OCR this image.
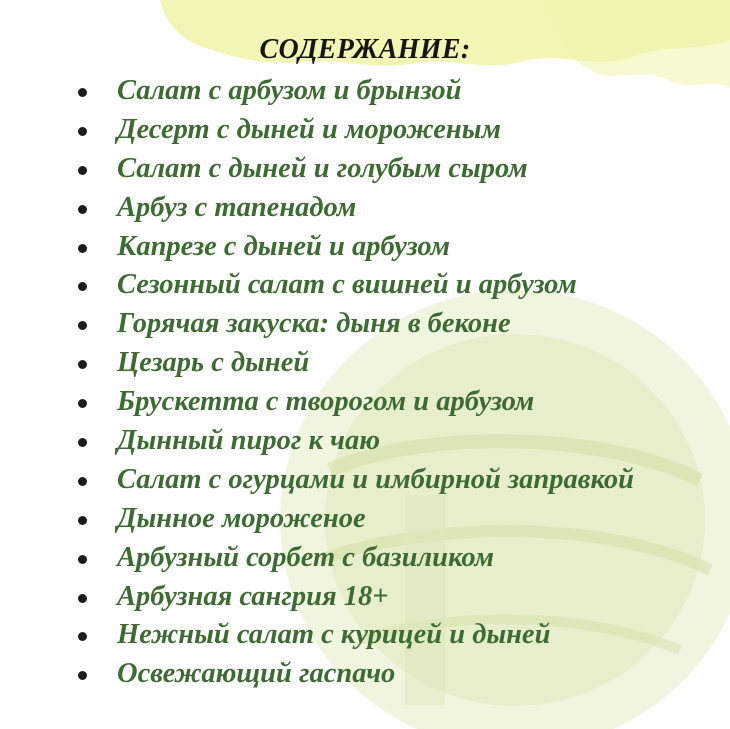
СОДЕРЖАНИЕ:
Салат с арбузом и брынзой
Десерт с дыней и мороженым
Салат с дыней и голубым сыром
Арбуз с тапенадом
Капрезе с дыней и арбузом
Сезонный салат с вишней и арбузом
Горячая закуска: дыня в беконе
Цезарь с дыней
Брускетта с творогом и арбузом
Дынный пирог к чаю
Салат с огурцами и имбирной заправкой
Дынное мороженое
Арбузный сорбет с базиликом
Арбузная сангрия 18+
Нежный салат с курицей и дыней
Освежающий гаспачо
